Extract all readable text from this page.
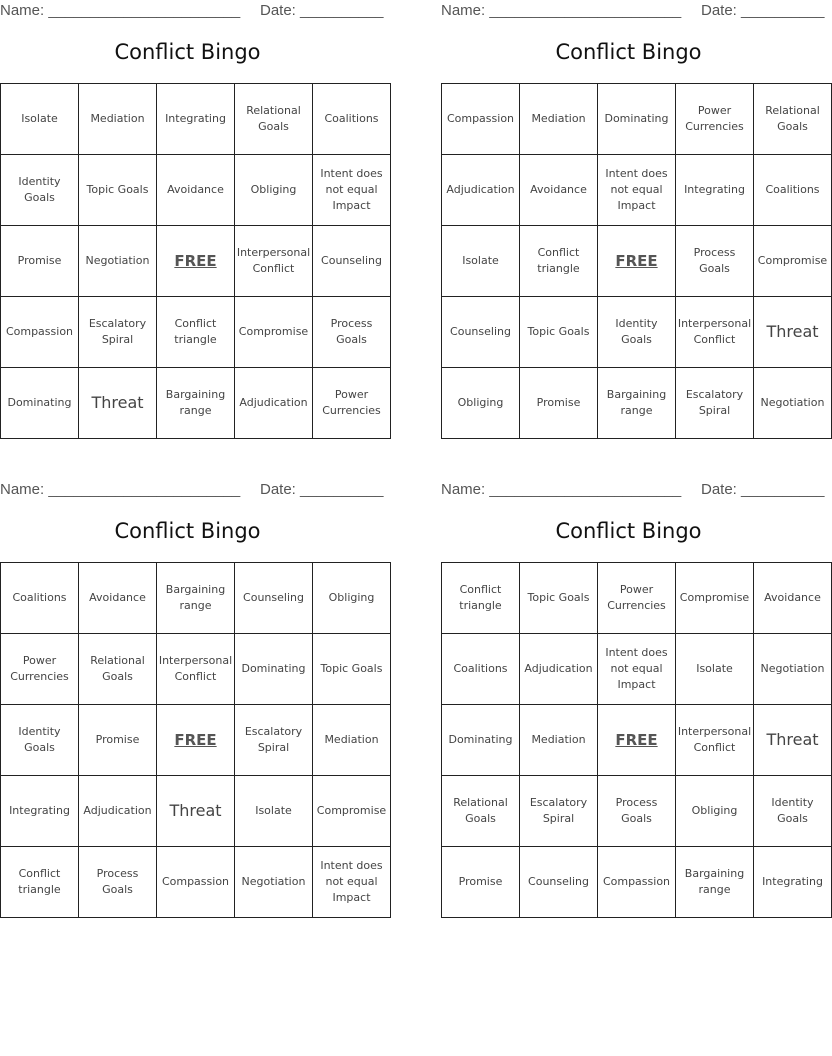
Name: _______________________ Date: __________
Conflict Bingo
Isolate	Mediation	Integrating	Relational Goals	Coalitions
Identity Goals	Topic Goals	Avoidance	Obliging	Intent does not equal Impact
Promise	Negotiation	FREE	Interpersonal Conflict	Counseling
Compassion	Escalatory Spiral	Conflict triangle	Compromise	Process Goals
Dominating	Threat	Bargaining range	Adjudication	Power Currencies
Name: _______________________ Date: __________
Conflict Bingo
Compassion	Mediation	Dominating	Power Currencies	Relational Goals
Adjudication	Avoidance	Intent does not equal Impact	Integrating	Coalitions
Isolate	Conflict triangle	FREE	Process Goals	Compromise
Counseling	Topic Goals	Identity Goals	Interpersonal Conflict	Threat
Obliging	Promise	Bargaining range	Escalatory Spiral	Negotiation
Name: _______________________ Date: __________
Conflict Bingo
Coalitions	Avoidance	Bargaining range	Counseling	Obliging
Power Currencies	Relational Goals	Interpersonal Conflict	Dominating	Topic Goals
Identity Goals	Promise	FREE	Escalatory Spiral	Mediation
Integrating	Adjudication	Threat	Isolate	Compromise
Conflict triangle	Process Goals	Compassion	Negotiation	Intent does not equal Impact
Name: _______________________ Date: __________
Conflict Bingo
Conflict triangle	Topic Goals	Power Currencies	Compromise	Avoidance
Coalitions	Adjudication	Intent does not equal Impact	Isolate	Negotiation
Dominating	Mediation	FREE	Interpersonal Conflict	Threat
Relational Goals	Escalatory Spiral	Process Goals	Obliging	Identity Goals
Promise	Counseling	Compassion	Bargaining range	Integrating
